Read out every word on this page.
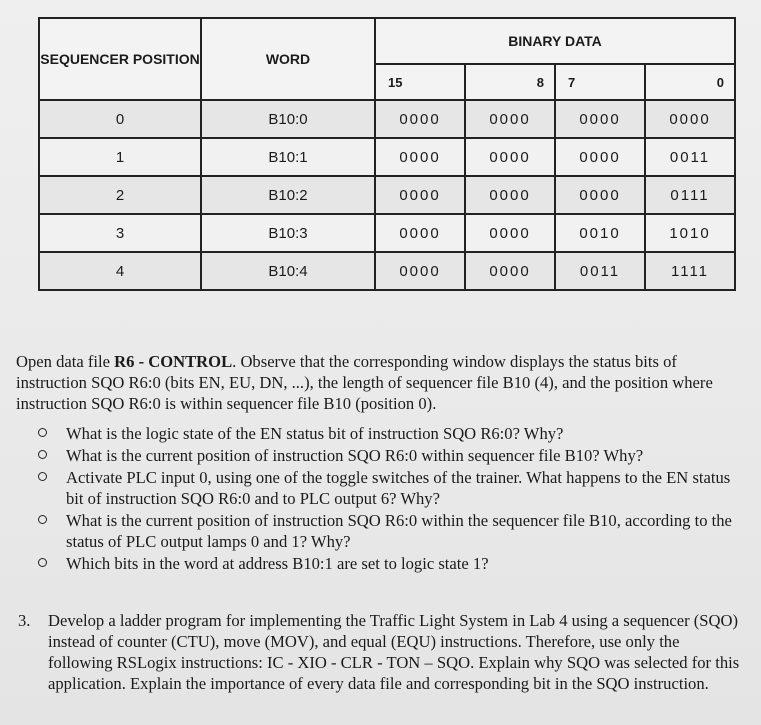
SEQUENCER POSITION	WORD	BINARY DATA			
		15	8	7	0
0	B10:0	0000	0000	0000	0000
1	B10:1	0000	0000	0000	0011
2	B10:2	0000	0000	0000	0111
3	B10:3	0000	0000	0010	1010
4	B10:4	0000	0000	0011	1111

Open data file R6 - CONTROL. Observe that the corresponding window displays the status bits of instruction SQO R6:0 (bits EN, EU, DN, ...), the length of sequencer file B10 (4), and the position where instruction SQO R6:0 is within sequencer file B10 (position 0).

What is the logic state of the EN status bit of instruction SQO R6:0? Why?
What is the current position of instruction SQO R6:0 within sequencer file B10? Why?
Activate PLC input 0, using one of the toggle switches of the trainer. What happens to the EN status bit of instruction SQO R6:0 and to PLC output 6? Why?
What is the current position of instruction SQO R6:0 within the sequencer file B10, according to the status of PLC output lamps 0 and 1? Why?
Which bits in the word at address B10:1 are set to logic state 1?
3. Develop a ladder program for implementing the Traffic Light System in Lab 4 using a sequencer (SQO) instead of counter (CTU), move (MOV), and equal (EQU) instructions. Therefore, use only the following RSLogix instructions: IC - XIO - CLR - TON – SQO. Explain why SQO was selected for this application. Explain the importance of every data file and corresponding bit in the SQO instruction.
